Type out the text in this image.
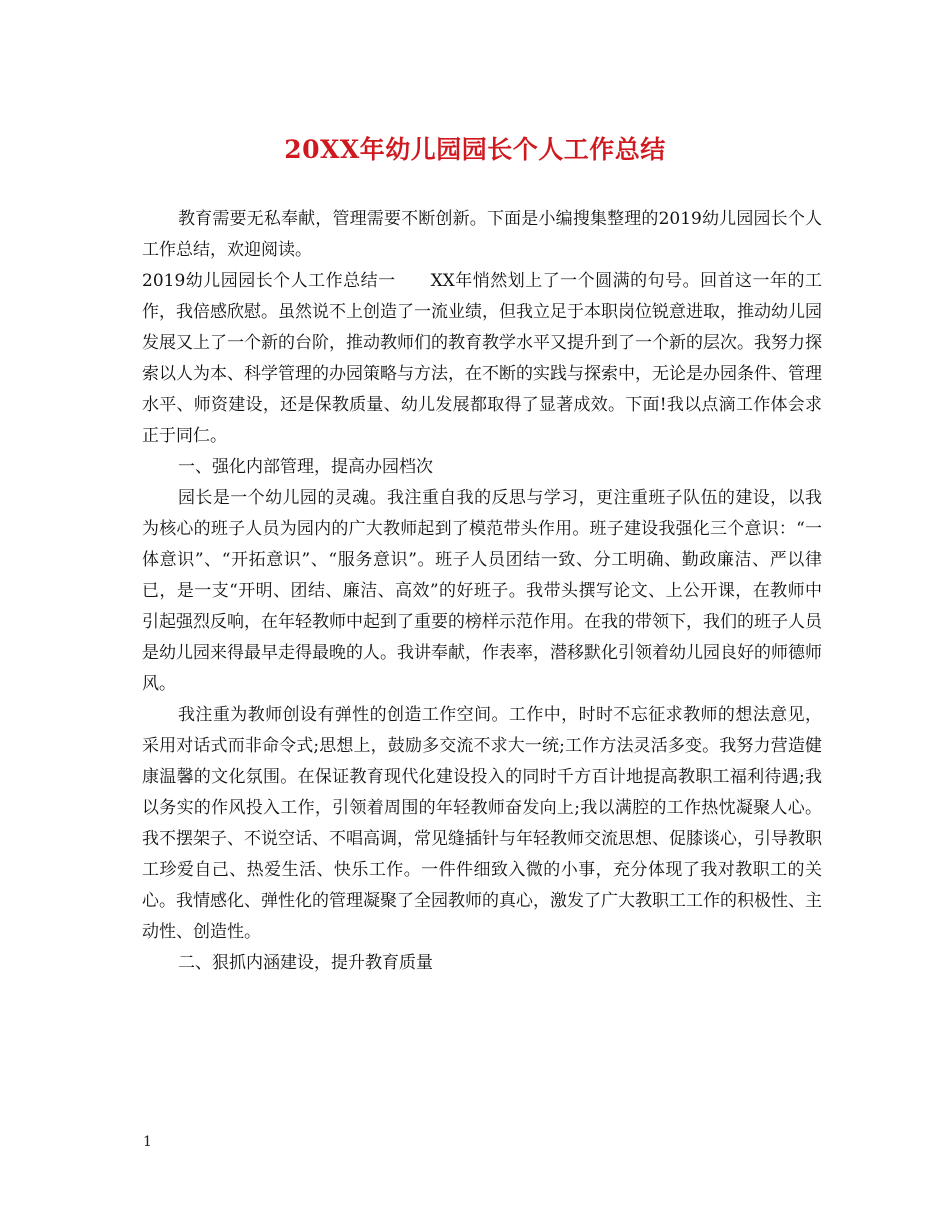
20XX年幼儿园园长个人工作总结

教育需要无私奉献，管理需要不断创新。下面是小编搜集整理的2019幼儿园园长个人工作总结，欢迎阅读。

2019幼儿园园长个人工作总结一　　XX年悄然划上了一个圆满的句号。回首这一年的工作，我倍感欣慰。虽然说不上创造了一流业绩，但我立足于本职岗位锐意进取，推动幼儿园发展又上了一个新的台阶，推动教师们的教育教学水平又提升到了一个新的层次。我努力探索以人为本、科学管理的办园策略与方法，在不断的实践与探索中，无论是办园条件、管理水平、师资建设，还是保教质量、幼儿发展都取得了显著成效。下面!我以点滴工作体会求正于同仁。

一、强化内部管理，提高办园档次

园长是一个幼儿园的灵魂。我注重自我的反思与学习，更注重班子队伍的建设，以我为核心的班子人员为园内的广大教师起到了模范带头作用。班子建设我强化三个意识：“一体意识”、“开拓意识”、“服务意识”。班子人员团结一致、分工明确、勤政廉洁、严以律已，是一支“开明、团结、廉洁、高效”的好班子。我带头撰写论文、上公开课，在教师中引起强烈反响，在年轻教师中起到了重要的榜样示范作用。在我的带领下，我们的班子人员是幼儿园来得最早走得最晚的人。我讲奉献，作表率，潜移默化引领着幼儿园良好的师德师风。

我注重为教师创设有弹性的创造工作空间。工作中，时时不忘征求教师的想法意见，采用对话式而非命令式;思想上，鼓励多交流不求大一统;工作方法灵活多变。我努力营造健康温馨的文化氛围。在保证教育现代化建设投入的同时千方百计地提高教职工福利待遇;我以务实的作风投入工作，引领着周围的年轻教师奋发向上;我以满腔的工作热忱凝聚人心。我不摆架子、不说空话、不唱高调，常见缝插针与年轻教师交流思想、促膝谈心，引导教职工珍爱自己、热爱生活、快乐工作。一件件细致入微的小事，充分体现了我对教职工的关心。我情感化、弹性化的管理凝聚了全园教师的真心，激发了广大教职工工作的积极性、主动性、创造性。

二、狠抓内涵建设，提升教育质量

1
